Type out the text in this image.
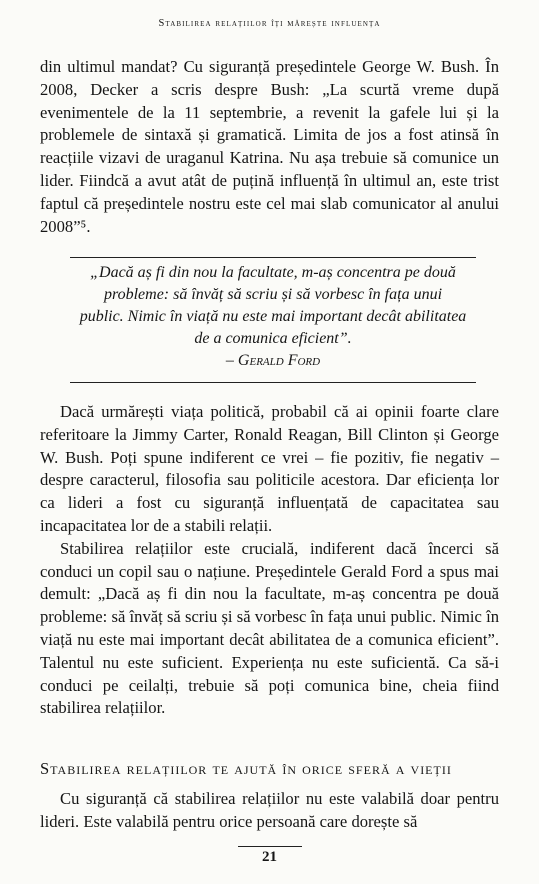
Stabilirea relațiilor îți mărește influența

din ultimul mandat? Cu siguranță președintele George W. Bush. În 2008, Decker a scris despre Bush: „La scurtă vreme după evenimentele de la 11 septembrie, a revenit la gafele lui și la problemele de sintaxă și gramatică. Limita de jos a fost atinsă în reacțiile vizavi de uraganul Katrina. Nu așa trebuie să comunice un lider. Fiindcă a avut atât de puțină influență în ultimul an, este trist faptul că președintele nostru este cel mai slab comunicator al anului 2008”⁵.

„Dacă aș fi din nou la facultate, m-aș concentra pe două
probleme: să învăț să scriu și să vorbesc în fața unui
public. Nimic în viață nu este mai important decât abilitatea
de a comunica eficient”.
– Gerald Ford

Dacă urmărești viața politică, probabil că ai opinii foarte clare referitoare la Jimmy Carter, Ronald Reagan, Bill Clinton și George W. Bush. Poți spune indiferent ce vrei – fie pozitiv, fie negativ – despre caracterul, filosofia sau politicile acestora. Dar eficiența lor ca lideri a fost cu siguranță influențată de capacitatea sau incapacitatea lor de a stabili relații.

Stabilirea relațiilor este crucială, indiferent dacă încerci să conduci un copil sau o națiune. Președintele Gerald Ford a spus mai demult: „Dacă aș fi din nou la facultate, m-aș concentra pe două probleme: să învăț să scriu și să vorbesc în fața unui public. Nimic în viață nu este mai important decât abilitatea de a comunica eficient”. Talentul nu este suficient. Experiența nu este suficientă. Ca să-i conduci pe ceilalți, trebuie să poți comunica bine, cheia fiind stabilirea relațiilor.

Stabilirea relațiilor te ajută în orice sferă a vieții

Cu siguranță că stabilirea relațiilor nu este valabilă doar pentru lideri. Este valabilă pentru orice persoană care dorește să

21
